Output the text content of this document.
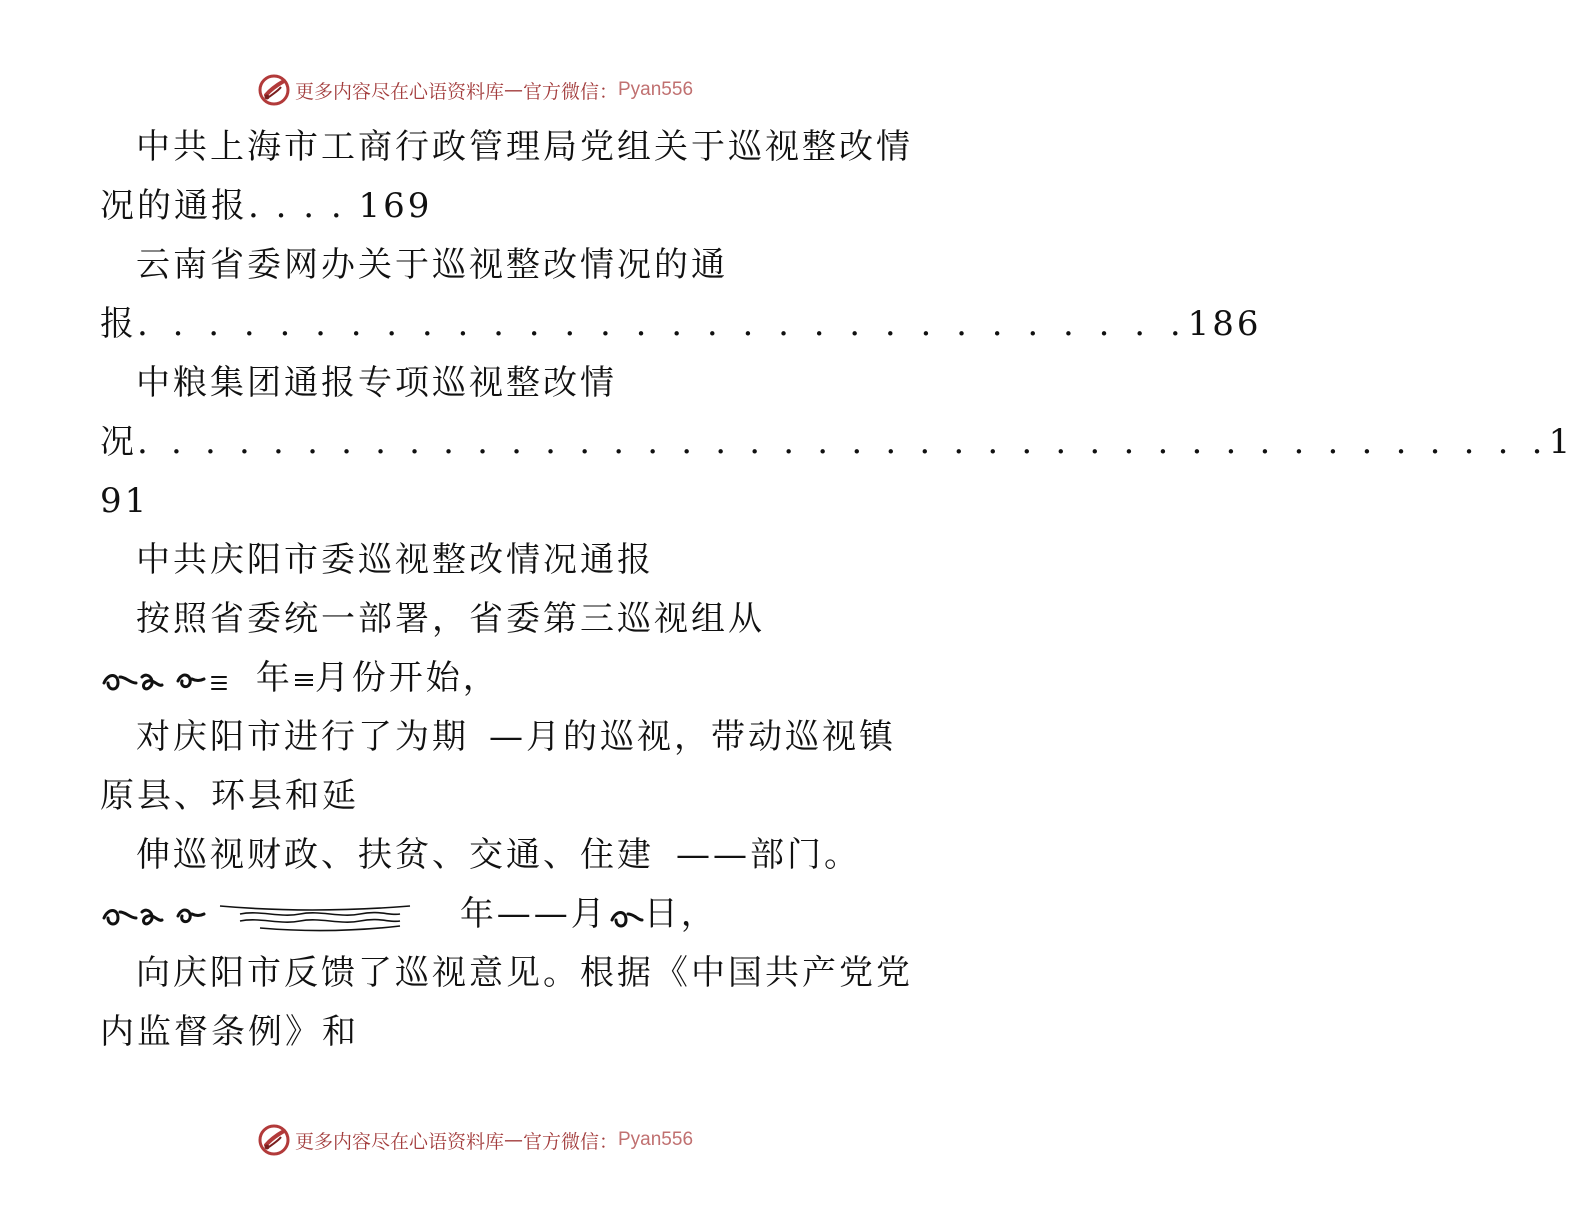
更多内容尽在心语资料库 — 官方微信： Pyan556
中共上海市工商行政管理局党组关于巡视整改情
况的通报. . . . 169
云南省委网办关于巡视整改情况的通
报. . . . . . . . . . . . . . . . . . . . . . . . . . . . . .186
中粮集团通报专项巡视整改情
况. . . . . . . . . . . . . . . . . . . . . . . . . . . . . . . . . . . . . . . . . .1
91
中共庆阳市委巡视整改情况通报
按照省委统一部署，省委第三巡视组从
年 月份开始，
对庆阳市进行了为期 —月的巡视，带动巡视镇
原县、环县和延
伸巡视财政、扶贫、交通、住建 ——部门。
年——月 日，
向庆阳市反馈了巡视意见。根据《中国共产党党
内监督条例》和
更多内容尽在心语资料库 — 官方微信： Pyan556
